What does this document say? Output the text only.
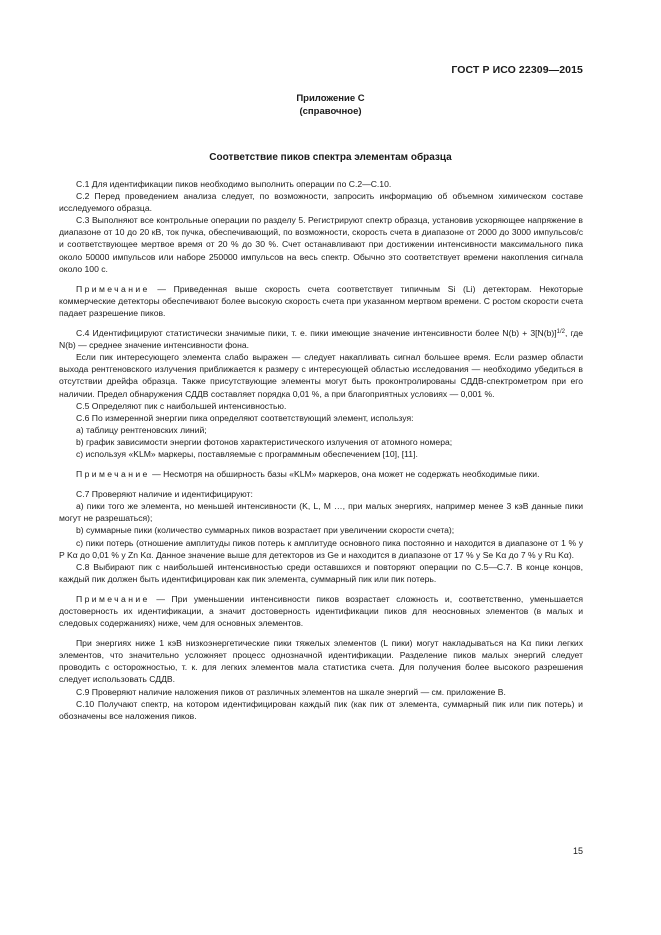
ГОСТ Р ИСО 22309—2015
Приложение С
(справочное)
Соответствие пиков спектра элементам образца

С.1 Для идентификации пиков необходимо выполнить операции по С.2—С.10.

С.2 Перед проведением анализа следует, по возможности, запросить информацию об объемном химическом составе исследуемого образца.

С.3 Выполняют все контрольные операции по разделу 5. Регистрируют спектр образца, установив ускоряющее напряжение в диапазоне от 10 до 20 кВ, ток пучка, обеспечивающий, по возможности, скорость счета в диапазоне от 2000 до 3000 импульсов/с и соответствующее мертвое время от 20 % до 30 %. Счет останавливают при достижении интенсивности максимального пика около 50000 импульсов или наборе 250000 импульсов на весь спектр. Обычно это соответствует времени накопления сигнала около 100 с.

Примечание — Приведенная выше скорость счета соответствует типичным Si (Li) детекторам. Некоторые коммерческие детекторы обеспечивают более высокую скорость счета при указанном мертвом времени. С ростом скорости счета падает разрешение пиков.

С.4 Идентифицируют статистически значимые пики, т. е. пики имеющие значение интенсивности более $N(b) + 3[N(b)]^{1/2}$, где N(b) — среднее значение интенсивности фона.

Если пик интересующего элемента слабо выражен — следует накапливать сигнал большее время. Если размер области выхода рентгеновского излучения приближается к размеру с интересующей областью исследования — необходимо убедиться в отсутствии дрейфа образца. Также присутствующие элементы могут быть проконтролированы СДДВ-спектрометром при его наличии. Предел обнаружения СДДВ составляет порядка 0,01 %, а при благоприятных условиях — 0,001 %.

С.5 Определяют пик с наибольшей интенсивностью.

С.6 По измеренной энергии пика определяют соответствующий элемент, используя:

а) таблицу рентгеновских линий;

b) график зависимости энергии фотонов характеристического излучения от атомного номера;

c) используя «KLM» маркеры, поставляемые с программным обеспечением [10], [11].

Примечание — Несмотря на обширность базы «KLM» маркеров, она может не содержать необходимые пики.

С.7 Проверяют наличие и идентифицируют:

а) пики того же элемента, но меньшей интенсивности (K, L, M …, при малых энергиях, например менее 3 кэВ данные пики могут не разрешаться);

b) суммарные пики (количество суммарных пиков возрастает при увеличении скорости счета);

c) пики потерь (отношение амплитуды пиков потерь к амплитуде основного пика постоянно и находится в диапазоне от 1 % у P Kα до 0,01 % у Zn Kα. Данное значение выше для детекторов из Ge и находится в диапазоне от 17 % у Se Kα до 7 % у Ru Kα).

С.8 Выбирают пик с наибольшей интенсивностью среди оставшихся и повторяют операции по С.5—С.7. В конце концов, каждый пик должен быть идентифицирован как пик элемента, суммарный пик или пик потерь.

Примечание — При уменьшении интенсивности пиков возрастает сложность и, соответственно, уменьшается достоверность их идентификации, а значит достоверность идентификации пиков для неосновных элементов (в малых и следовых содержаниях) ниже, чем для основных элементов.

При энергиях ниже 1 кэВ низкоэнергетические пики тяжелых элементов (L пики) могут накладываться на Kα пики легких элементов, что значительно усложняет процесс однозначной идентификации. Разделение пиков малых энергий следует проводить с осторожностью, т. к. для легких элементов мала статистика счета. Для получения более высокого разрешения следует использовать СДДВ.

С.9 Проверяют наличие наложения пиков от различных элементов на шкале энергий — см. приложение В.

С.10 Получают спектр, на котором идентифицирован каждый пик (как пик от элемента, суммарный пик или пик потерь) и обозначены все наложения пиков.

15
